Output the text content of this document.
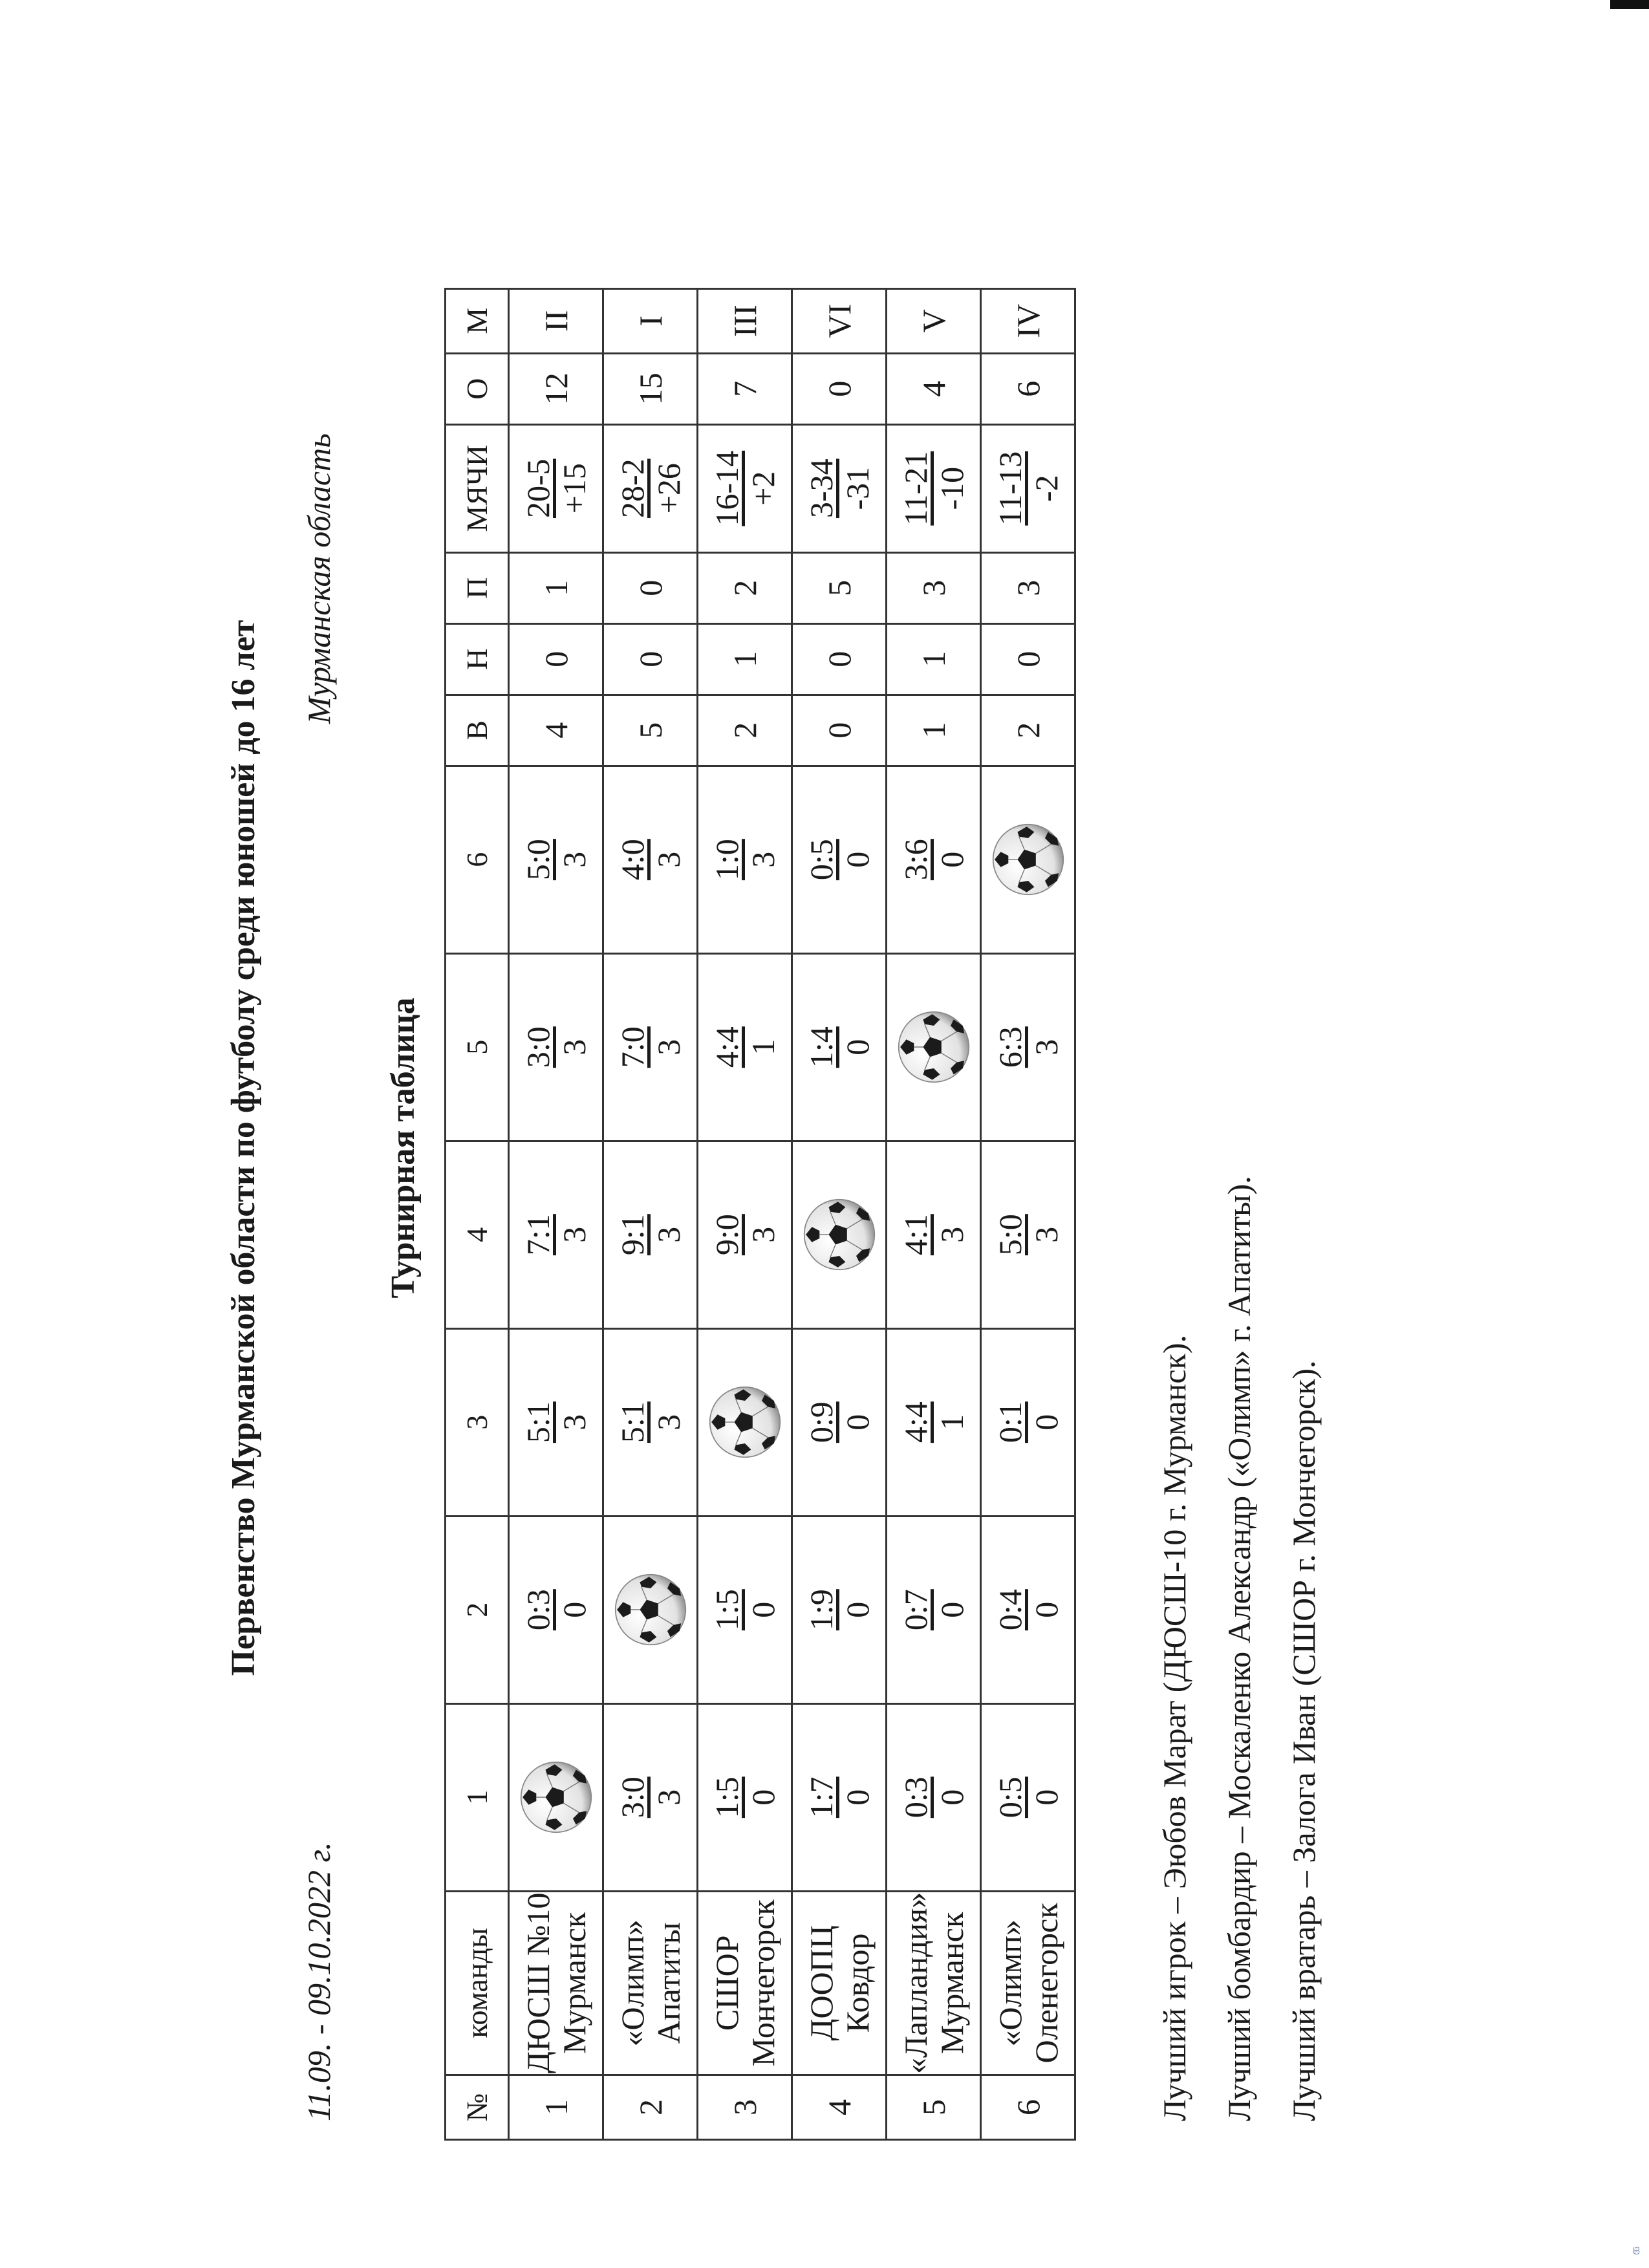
ଞ
Первенство Мурманской области по футболу среди юношей до 16 лет
11.09. - 09.10.2022 г.
Мурманская область
Турнирная таблица
№	команды	1	2	3	4	5	6	В	Н	П	МЯЧИ	О	М
1	ДЮСШ №10 Мурманск		0:3 0	5:1 3	7:1 3	3:0 3	5:0 3	4	0	1	20-5 +15	12	II
2	«Олимп» Апатиты	3:0 3		5:1 3	9:1 3	7:0 3	4:0 3	5	0	0	28-2 +26	15	I
3	СШОР Мончегорск	1:5 0	1:5 0		9:0 3	4:4 1	1:0 3	2	1	2	16-14 +2	7	III
4	ДООПЦ Ковдор	1:7 0	1:9 0	0:9 0		1:4 0	0:5 0	0	0	5	3-34 -31	0	VI
5	«Лапландия» Мурманск	0:3 0	0:7 0	4:4 1	4:1 3		3:6 0	1	1	3	11-21 -10	4	V
6	«Олимп» Оленегорск	0:5 0	0:4 0	0:1 0	5:0 3	6:3 3		2	0	3	11-13 -2	6	IV
Лучший игрок – Эюбов Марат (ДЮСШ-10 г. Мурманск). Лучший бомбардир – Москаленко Александр («Олимп» г. Апатиты). Лучший вратарь – Залога Иван (СШОР г. Мончегорск).
